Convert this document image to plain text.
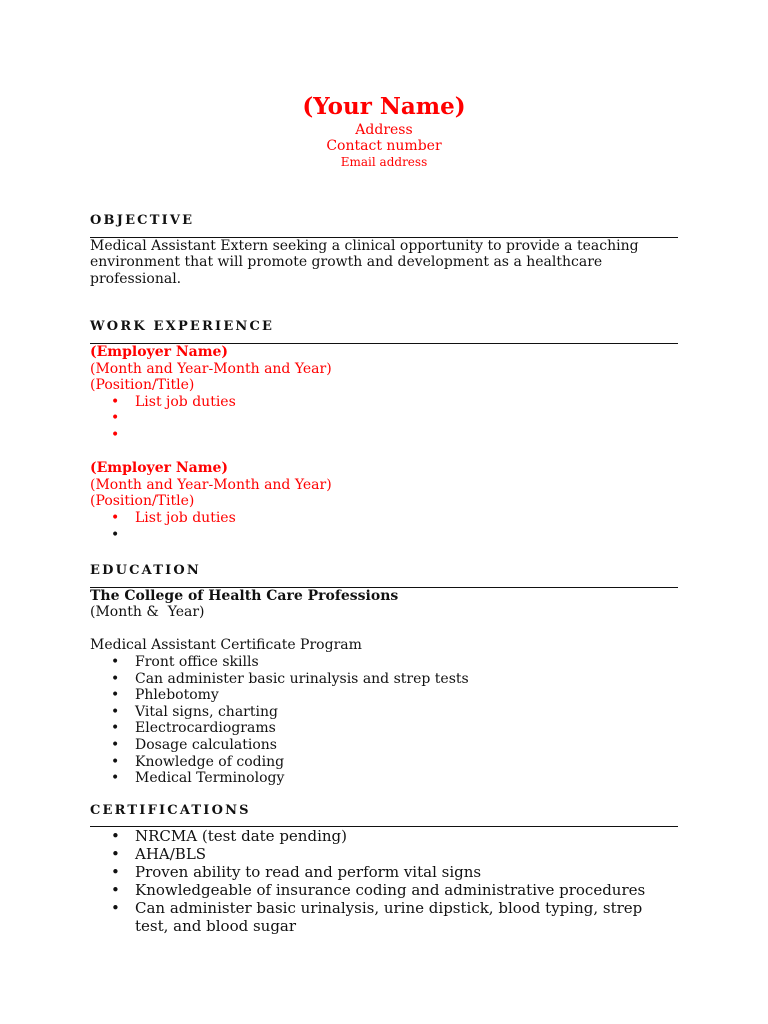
(Your Name)
Address
Contact number
Email address
OBJECTIVE

Medical Assistant Extern seeking a clinical opportunity to provide a teaching environment that will promote growth and development as a healthcare professional.

WORK EXPERIENCE
(Employer Name)
(Month and Year-Month and Year)
(Position/Title)
• List job duties
•
•
(Employer Name)
(Month and Year-Month and Year)
(Position/Title)
• List job duties
•
EDUCATION
The College of Health Care Professions
(Month &  Year)
Medical Assistant Certificate Program
• Front office skills
• Can administer basic urinalysis and strep tests
• Phlebotomy
• Vital signs, charting
• Electrocardiograms
• Dosage calculations
• Knowledge of coding
• Medical Terminology
CERTIFICATIONS
• NRCMA (test date pending)
• AHA/BLS
• Proven ability to read and perform vital signs
• Knowledgeable of insurance coding and administrative procedures
• Can administer basic urinalysis, urine dipstick, blood typing, strep test, and blood sugar
